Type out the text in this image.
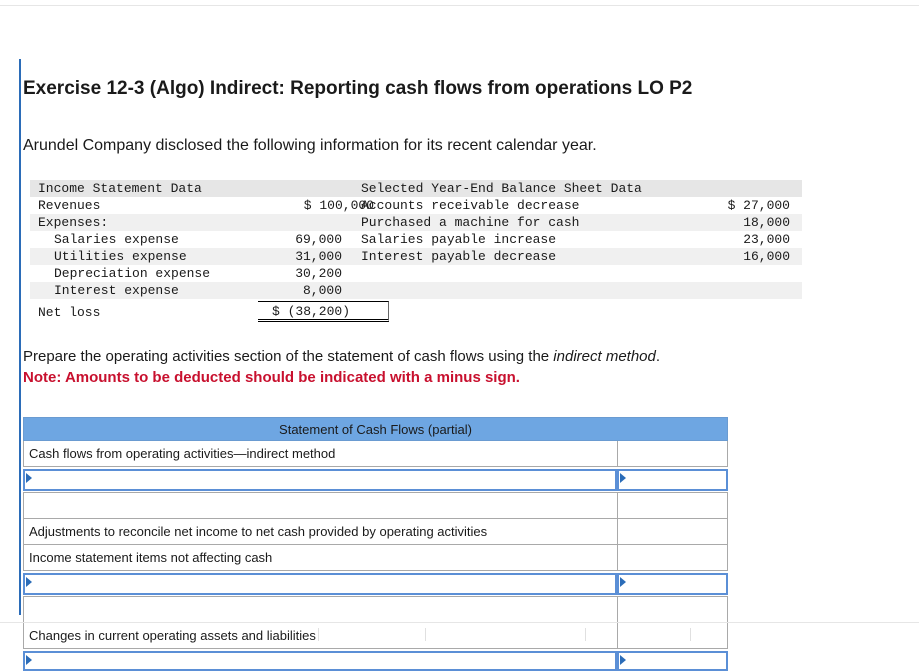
Exercise 12-3 (Algo) Indirect: Reporting cash flows from operations LO P2
Arundel Company disclosed the following information for its recent calendar year.
Income Statement Data
Revenues	$ 100,000
Expenses:
Salaries expense	69,000
Utilities expense	31,000
Depreciation expense	30,200
Interest expense	8,000
Net loss	$ (38,200)
Selected Year-End Balance Sheet Data
Accounts receivable decrease	$ 27,000
Purchased a machine for cash	18,000
Salaries payable increase	23,000
Interest payable decrease	16,000
Prepare the operating activities section of the statement of cash flows using the indirect method.
Note: Amounts to be deducted should be indicated with a minus sign.
Statement of Cash Flows (partial)
Cash flows from operating activities—indirect method
Adjustments to reconcile net income to net cash provided by operating activities
Income statement items not affecting cash
Changes in current operating assets and liabilities
